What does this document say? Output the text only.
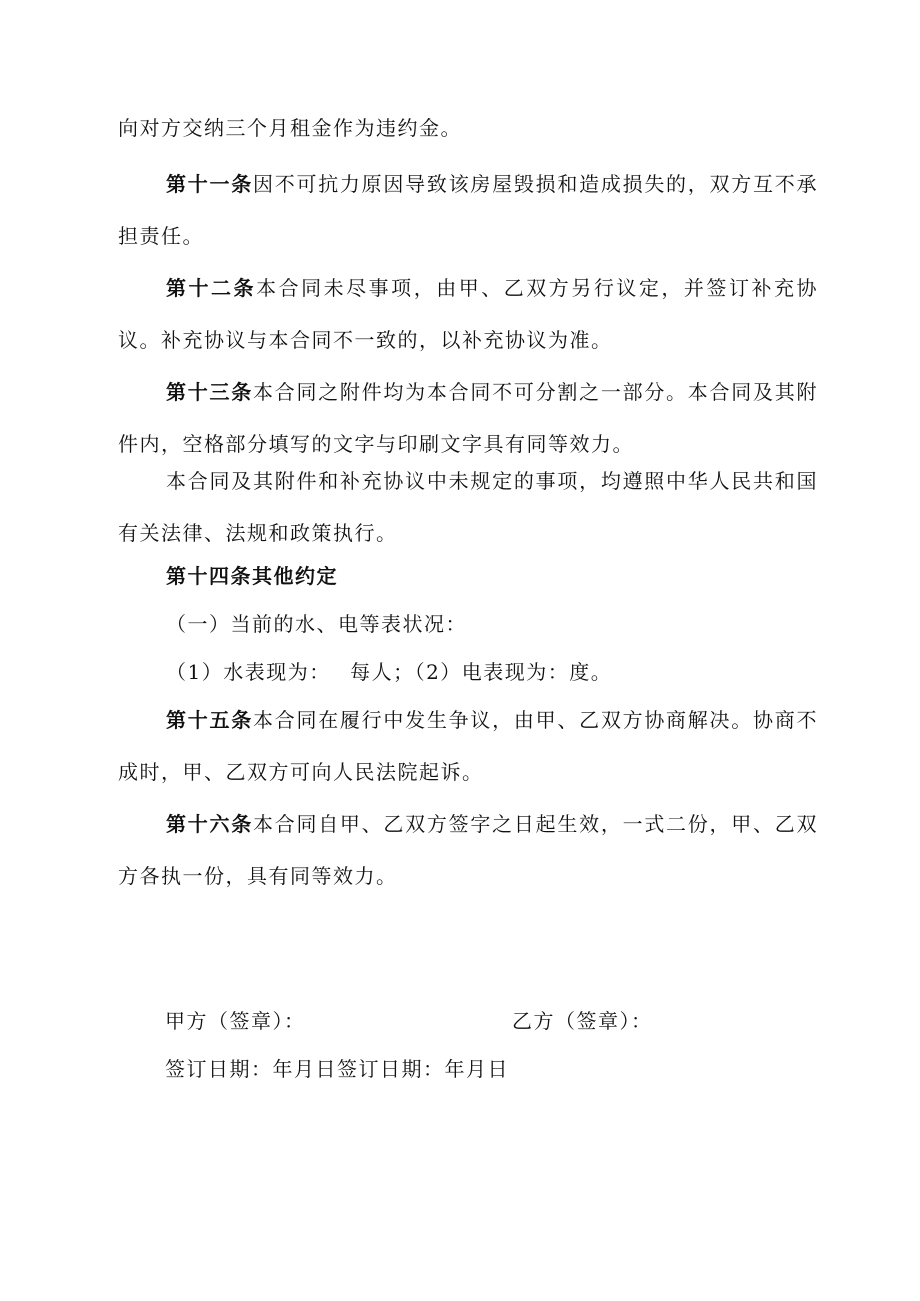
向对方交纳三个月租金作为违约金。

第十一条因不可抗力原因导致该房屋毁损和造成损失的，双方互不承担责任。

第十二条本合同未尽事项，由甲、乙双方另行议定，并签订补充协议。补充协议与本合同不一致的，以补充协议为准。

第十三条本合同之附件均为本合同不可分割之一部分。本合同及其附件内，空格部分填写的文字与印刷文字具有同等效力。

本合同及其附件和补充协议中未规定的事项，均遵照中华人民共和国有关法律、法规和政策执行。

第十四条其他约定

（一）当前的水、电等表状况：

（1）水表现为：　 每人；（2）电表现为：度。

第十五条本合同在履行中发生争议，由甲、乙双方协商解决。协商不成时，甲、乙双方可向人民法院起诉。

第十六条本合同自甲、乙双方签字之日起生效，一式二份，甲、乙双方各执一份，具有同等效力。

甲方（签章）：	乙方（签章）：
签订日期：年月日签订日期：年月日
